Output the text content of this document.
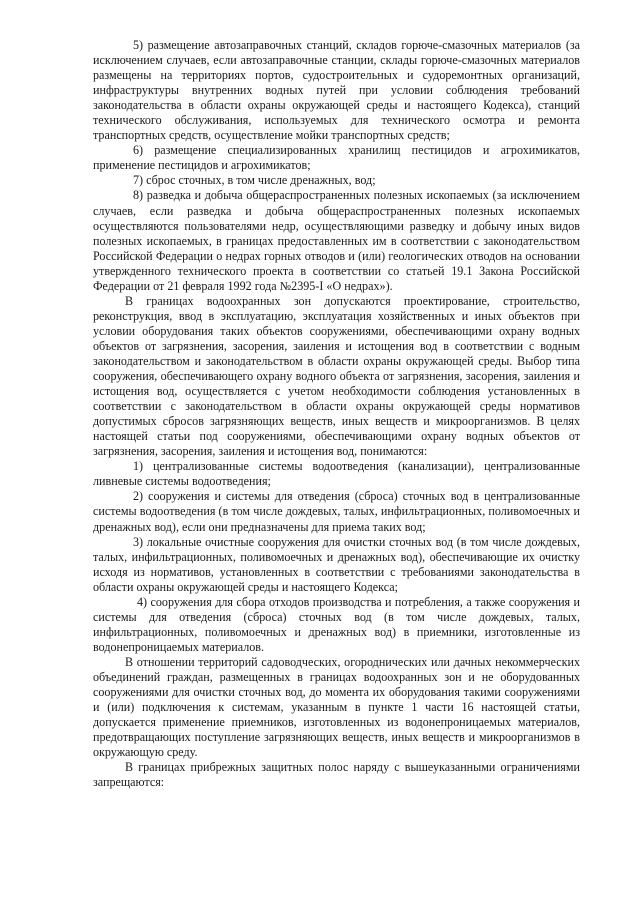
5) размещение автозаправочных станций, складов горюче-смазочных материалов (за исключением случаев, если автозаправочные станции, склады горюче-смазочных материалов размещены на территориях портов, судостроительных и судоремонтных организаций, инфраструктуры внутренних водных путей при условии соблюдения требований законодательства в области охраны окружающей среды и настоящего Кодекса), станций технического обслуживания, используемых для технического осмотра и ремонта транспортных средств, осуществление мойки транспортных средств;

6) размещение специализированных хранилищ пестицидов и агрохимикатов, применение пестицидов и агрохимикатов;

7) сброс сточных, в том числе дренажных, вод;

8) разведка и добыча общераспространенных полезных ископаемых (за исключением случаев, если разведка и добыча общераспространенных полезных ископаемых осуществляются пользователями недр, осуществляющими разведку и добычу иных видов полезных ископаемых, в границах предоставленных им в соответствии с законодательством Российской Федерации о недрах горных отводов и (или) геологических отводов на основании утвержденного технического проекта в соответствии со статьей 19.1 Закона Российской Федерации от 21 февраля 1992 года №2395-I «О недрах»).

В границах водоохранных зон допускаются проектирование, строительство, реконструкция, ввод в эксплуатацию, эксплуатация хозяйственных и иных объектов при условии оборудования таких объектов сооружениями, обеспечивающими охрану водных объектов от загрязнения, засорения, заиления и истощения вод в соответствии с водным законодательством и законодательством в области охраны окружающей среды. Выбор типа сооружения, обеспечивающего охрану водного объекта от загрязнения, засорения, заиления и истощения вод, осуществляется с учетом необходимости соблюдения установленных в соответствии с законодательством в области охраны окружающей среды нормативов допустимых сбросов загрязняющих веществ, иных веществ и микроорганизмов. В целях настоящей статьи под сооружениями, обеспечивающими охрану водных объектов от загрязнения, засорения, заиления и истощения вод, понимаются:

1) централизованные системы водоотведения (канализации), централизованные ливневые системы водоотведения;

2) сооружения и системы для отведения (сброса) сточных вод в централизованные системы водоотведения (в том числе дождевых, талых, инфильтрационных, поливомоечных и дренажных вод), если они предназначены для приема таких вод;

3) локальные очистные сооружения для очистки сточных вод (в том числе дождевых, талых, инфильтрационных, поливомоечных и дренажных вод), обеспечивающие их очистку исходя из нормативов, установленных в соответствии с требованиями законодательства в области охраны окружающей среды и настоящего Кодекса;

4) сооружения для сбора отходов производства и потребления, а также сооружения и системы для отведения (сброса) сточных вод (в том числе дождевых, талых, инфильтрационных, поливомоечных и дренажных вод) в приемники, изготовленные из водонепроницаемых материалов.

В отношении территорий садоводческих, огороднических или дачных некоммерческих объединений граждан, размещенных в границах водоохранных зон и не оборудованных сооружениями для очистки сточных вод, до момента их оборудования такими сооружениями и (или) подключения к системам, указанным в пункте 1 части 16 настоящей статьи, допускается применение приемников, изготовленных из водонепроницаемых материалов, предотвращающих поступление загрязняющих веществ, иных веществ и микроорганизмов в окружающую среду.

В границах прибрежных защитных полос наряду с вышеуказанными ограничениями запрещаются:
